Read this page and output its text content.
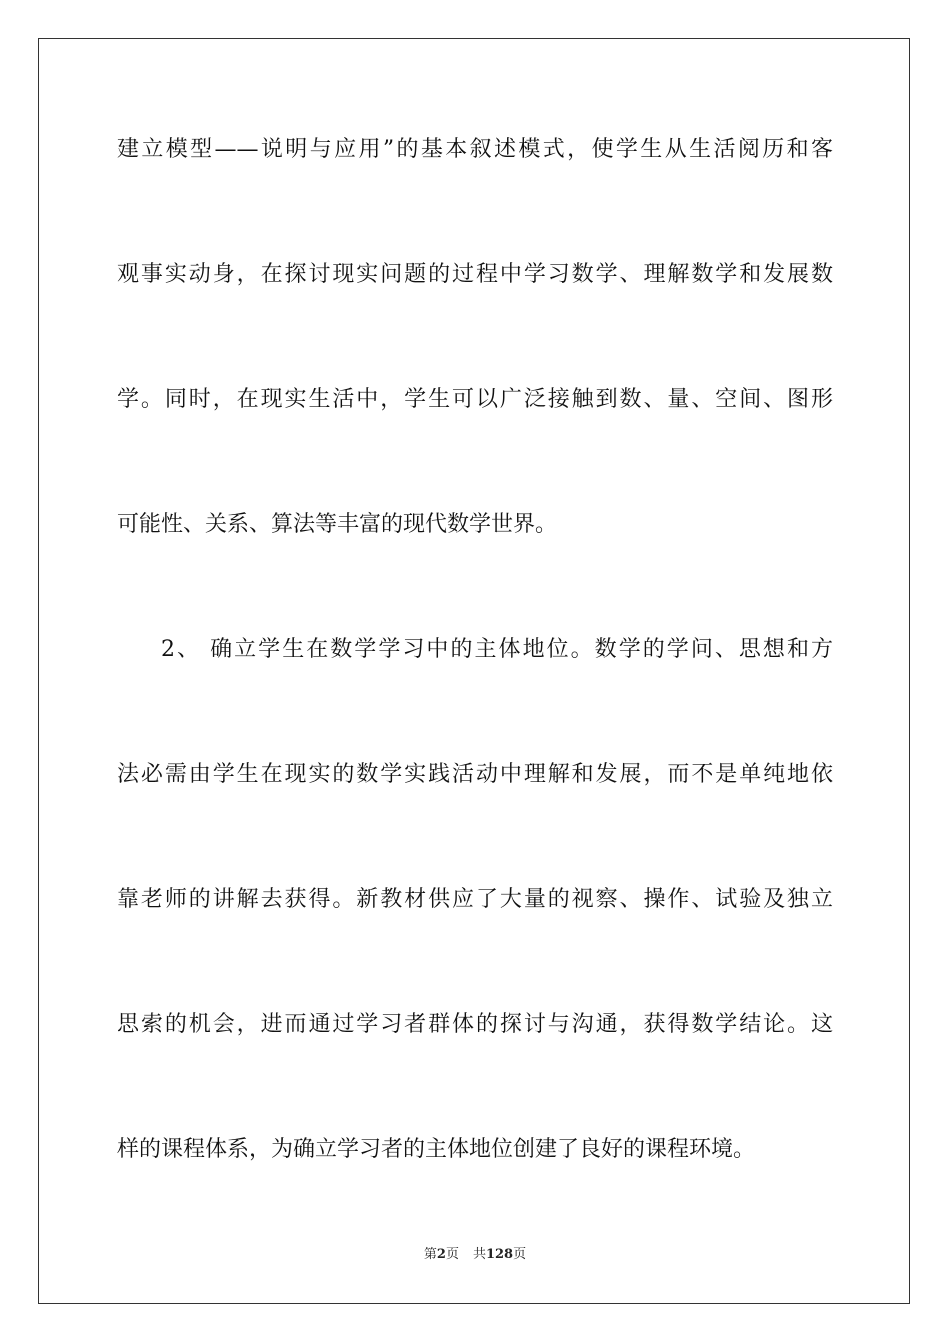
建立模型——说明与应用”的基本叙述模式，使学生从生活阅历和客
观事实动身，在探讨现实问题的过程中学习数学、理解数学和发展数
学。同时，在现实生活中，学生可以广泛接触到数、量、空间、图形
可能性、关系、算法等丰富的现代数学世界。
2、 确立学生在数学学习中的主体地位。数学的学问、思想和方
法必需由学生在现实的数学实践活动中理解和发展，而不是单纯地依
靠老师的讲解去获得。新教材供应了大量的视察、操作、试验及独立
思索的机会，进而通过学习者群体的探讨与沟通，获得数学结论。这
样的课程体系，为确立学习者的主体地位创建了良好的课程环境。
第2页 共128页
